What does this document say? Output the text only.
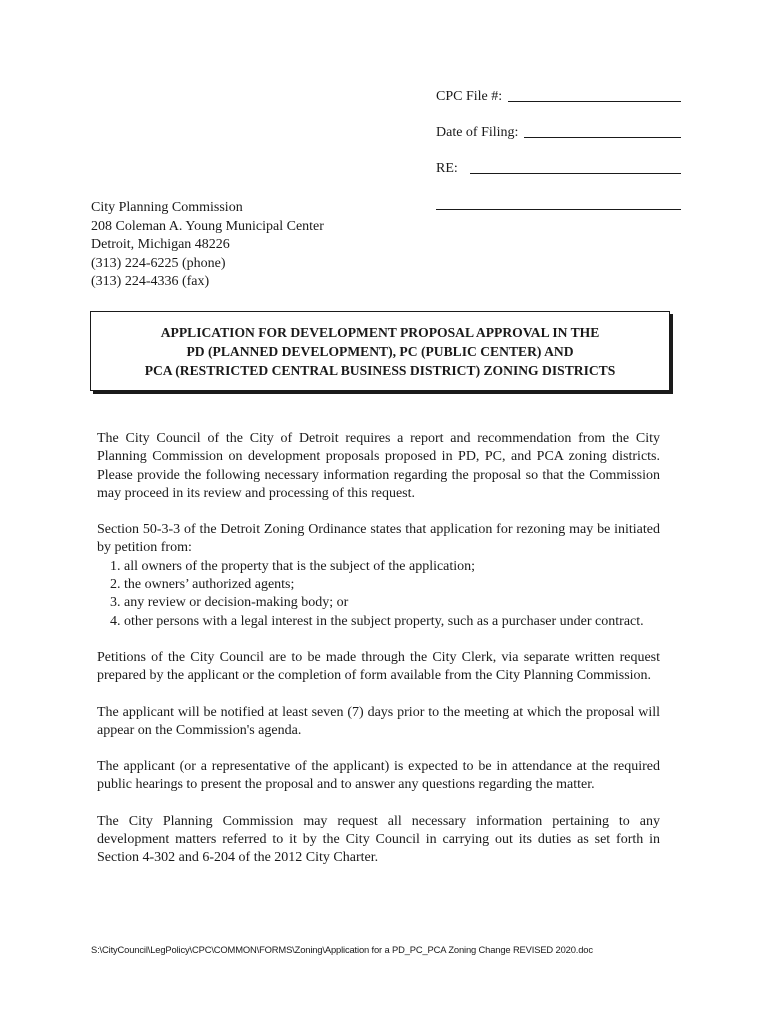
CPC File #:
Date of Filing:
RE:
City Planning Commission
208 Coleman A. Young Municipal Center
Detroit, Michigan 48226
(313) 224-6225 (phone)
(313) 224-4336 (fax)
APPLICATION FOR DEVELOPMENT PROPOSAL APPROVAL IN THE
PD (PLANNED DEVELOPMENT), PC (PUBLIC CENTER) AND
PCA (RESTRICTED CENTRAL BUSINESS DISTRICT) ZONING DISTRICTS

The City Council of the City of Detroit requires a report and recommendation from the City Planning Commission on development proposals proposed in PD, PC, and PCA zoning districts. Please provide the following necessary information regarding the proposal so that the Commission may proceed in its review and processing of this request.

Section 50-3-3 of the Detroit Zoning Ordinance states that application for rezoning may be initiated by petition from:

1. all owners of the property that is the subject of the application;
2. the owners’ authorized agents;
3. any review or decision-making body; or
4. other persons with a legal interest in the subject property, such as a purchaser under contract.

Petitions of the City Council are to be made through the City Clerk, via separate written request prepared by the applicant or the completion of form available from the City Planning Commission.

The applicant will be notified at least seven (7) days prior to the meeting at which the proposal will appear on the Commission's agenda.

The applicant (or a representative of the applicant) is expected to be in attendance at the required public hearings to present the proposal and to answer any questions regarding the matter.

The City Planning Commission may request all necessary information pertaining to any development matters referred to it by the City Council in carrying out its duties as set forth in Section 4-302 and 6-204 of the 2012 City Charter.

S:\CityCouncil\LegPolicy\CPC\COMMON\FORMS\Zoning\Application for a PD_PC_PCA Zoning Change REVISED 2020.doc
